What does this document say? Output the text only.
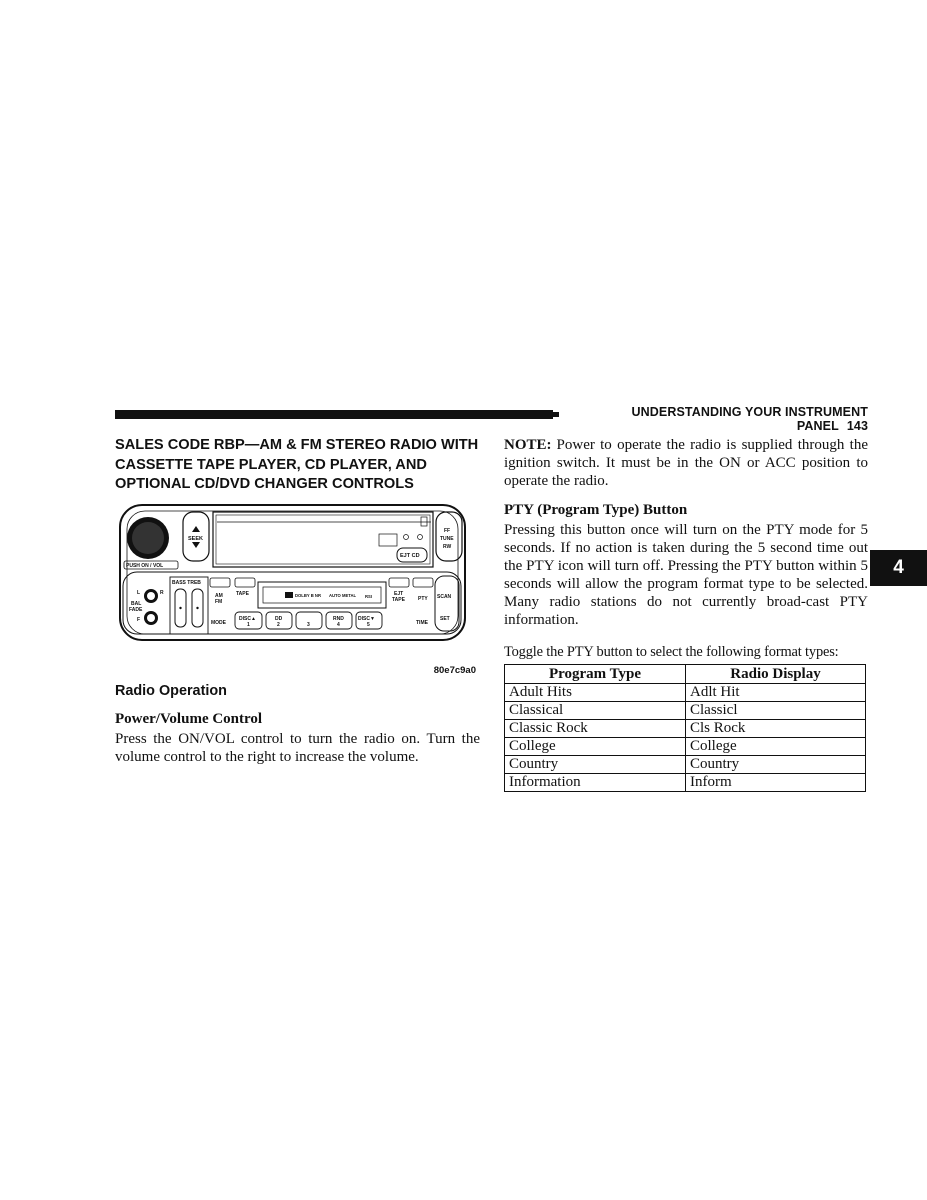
UNDERSTANDING YOUR INSTRUMENT PANEL 143
4
SALES CODE RBP—AM & FM STEREO RADIO WITH CASSETTE TAPE PLAYER, CD PLAYER, AND OPTIONAL CD/DVD CHANGER CONTROLS
SEEK
EJT CD
FF
TUNE
RW
PUSH ON / VOL
L	R
BAL
FADE
F
BASS TREB
AM
FM
MODE
TAPE	DOLBY B NR AUTO METAL RSI
DISC▲
1
DD
2	3
RND
4
DISC▼
5
EJT
TAPE	PTY
TIME
SCAN
SET
80e7c9a0
Radio Operation

Power/Volume Control

Press the ON/VOL control to turn the radio on. Turn the volume control to the right to increase the volume.

NOTE: Power to operate the radio is supplied through the ignition switch. It must be in the ON or ACC position to operate the radio.

PTY (Program Type) Button

Pressing this button once will turn on the PTY mode for 5 seconds. If no action is taken during the 5 second time out the PTY icon will turn off. Pressing the PTY button within 5 seconds will allow the program format type to be selected. Many radio stations do not currently broad-cast PTY information.

Toggle the PTY button to select the following format types:

Program Type	Radio Display
Adult Hits	Adlt Hit
Classical	Classicl
Classic Rock	Cls Rock
College	College
Country	Country
Information	Inform
